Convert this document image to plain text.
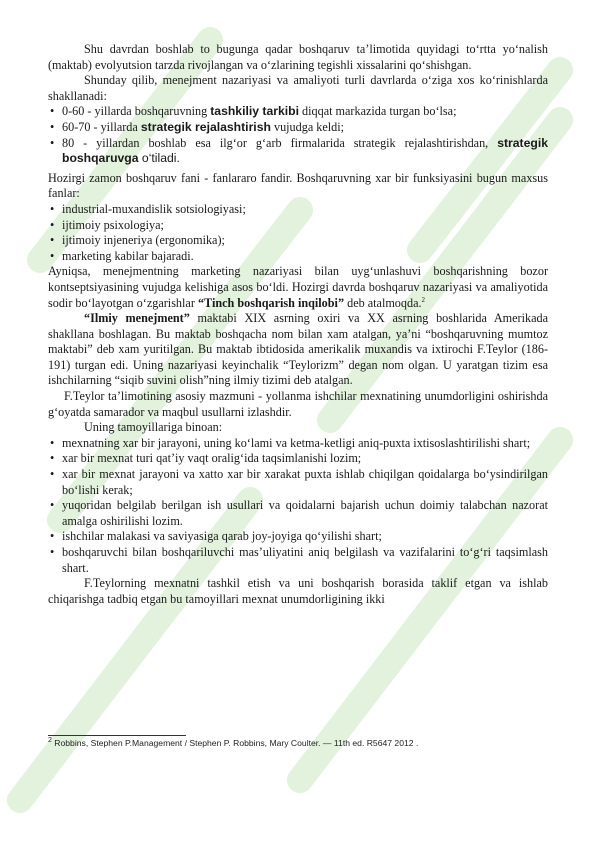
Shu davrdan boshlab to bugunga qadar boshqaruv ta’limotida quyidagi to‘rtta yo‘nalish (maktab) evolyutsion tarzda rivojlangan va o‘zlarining tegishli xissalarini qo‘shishgan.

Shunday qilib, menejment nazariyasi va amaliyoti turli davrlarda o‘ziga xos ko‘rinishlarda shakllanadi:

• 0-60 - yillarda boshqaruvning tashkiliy tarkibi diqqat markazida turgan bo‘lsa;
• 60-70 - yillarda strategik rejalashtirish vujudga keldi;
• 80 - yillardan boshlab esa ilg‘or g‘arb firmalarida strategik rejalashtirishdan, strategik boshqaruvga o‘tiladi.

Hozirgi zamon boshqaruv fani - fanlararo fandir. Boshqaruvning xar bir funksiyasini bugun maxsus fanlar:

• industrial-muxandislik sotsiologiyasi;
• ijtimoiy psixologiya;
• ijtimoiy injeneriya (ergonomika);
• marketing kabilar bajaradi.

Ayniqsa, menejmentning marketing nazariyasi bilan uyg‘unlashuvi boshqarishning bozor kontseptsiyasining vujudga kelishiga asos bo‘ldi. Hozirgi davrda boshqaruv nazariyasi va amaliyotida sodir bo‘layotgan o‘zgarishlar “Tinch boshqarish inqilobi” deb atalmoqda.$^2$

“Ilmiy menejment” maktabi XIX asrning oxiri va XX asrning boshlarida Amerikada shakllana boshlagan. Bu maktab boshqacha nom bilan xam atalgan, ya’ni “boshqaruvning mumtoz maktabi” deb xam yuritilgan. Bu maktab ibtidosida amerikalik muxandis va ixtirochi F.Teylor (186-191) turgan edi. Uning nazariyasi keyinchalik “Teylorizm” degan nom olgan. U yaratgan tizim esa ishchilarning “siqib suvini olish”ning ilmiy tizimi deb atalgan.

F.Teylor ta’limotining asosiy mazmuni - yollanma ishchilar mexnatining unumdorligini oshirishda g‘oyatda samarador va maqbul usullarni izlashdir.

Uning tamoyillariga binoan:

• mexnatning xar bir jarayoni, uning ko‘lami va ketma-ketligi aniq-puxta ixtisoslashtirilishi shart;
• xar bir mexnat turi qat’iy vaqt oralig‘ida taqsimlanishi lozim;
• xar bir mexnat jarayoni va xatto xar bir xarakat puxta ishlab chiqilgan qoidalarga bo‘ysindirilgan bo‘lishi kerak;
• yuqoridan belgilab berilgan ish usullari va qoidalarni bajarish uchun doimiy talabchan nazorat amalga oshirilishi lozim.
• ishchilar malakasi va saviyasiga qarab joy-joyiga qo‘yilishi shart;
• boshqaruvchi bilan boshqariluvchi mas’uliyatini aniq belgilash va vazifalarini to‘g‘ri taqsimlash shart.

F.Teylorning mexnatni tashkil etish va uni boshqarish borasida taklif etgan va ishlab chiqarishga tadbiq etgan bu tamoyillari mexnat unumdorligining ikki

$^2$ Robbins, Stephen P.Management / Stephen P. Robbins, Mary Coulter. — 11th ed. R5647 2012 .
